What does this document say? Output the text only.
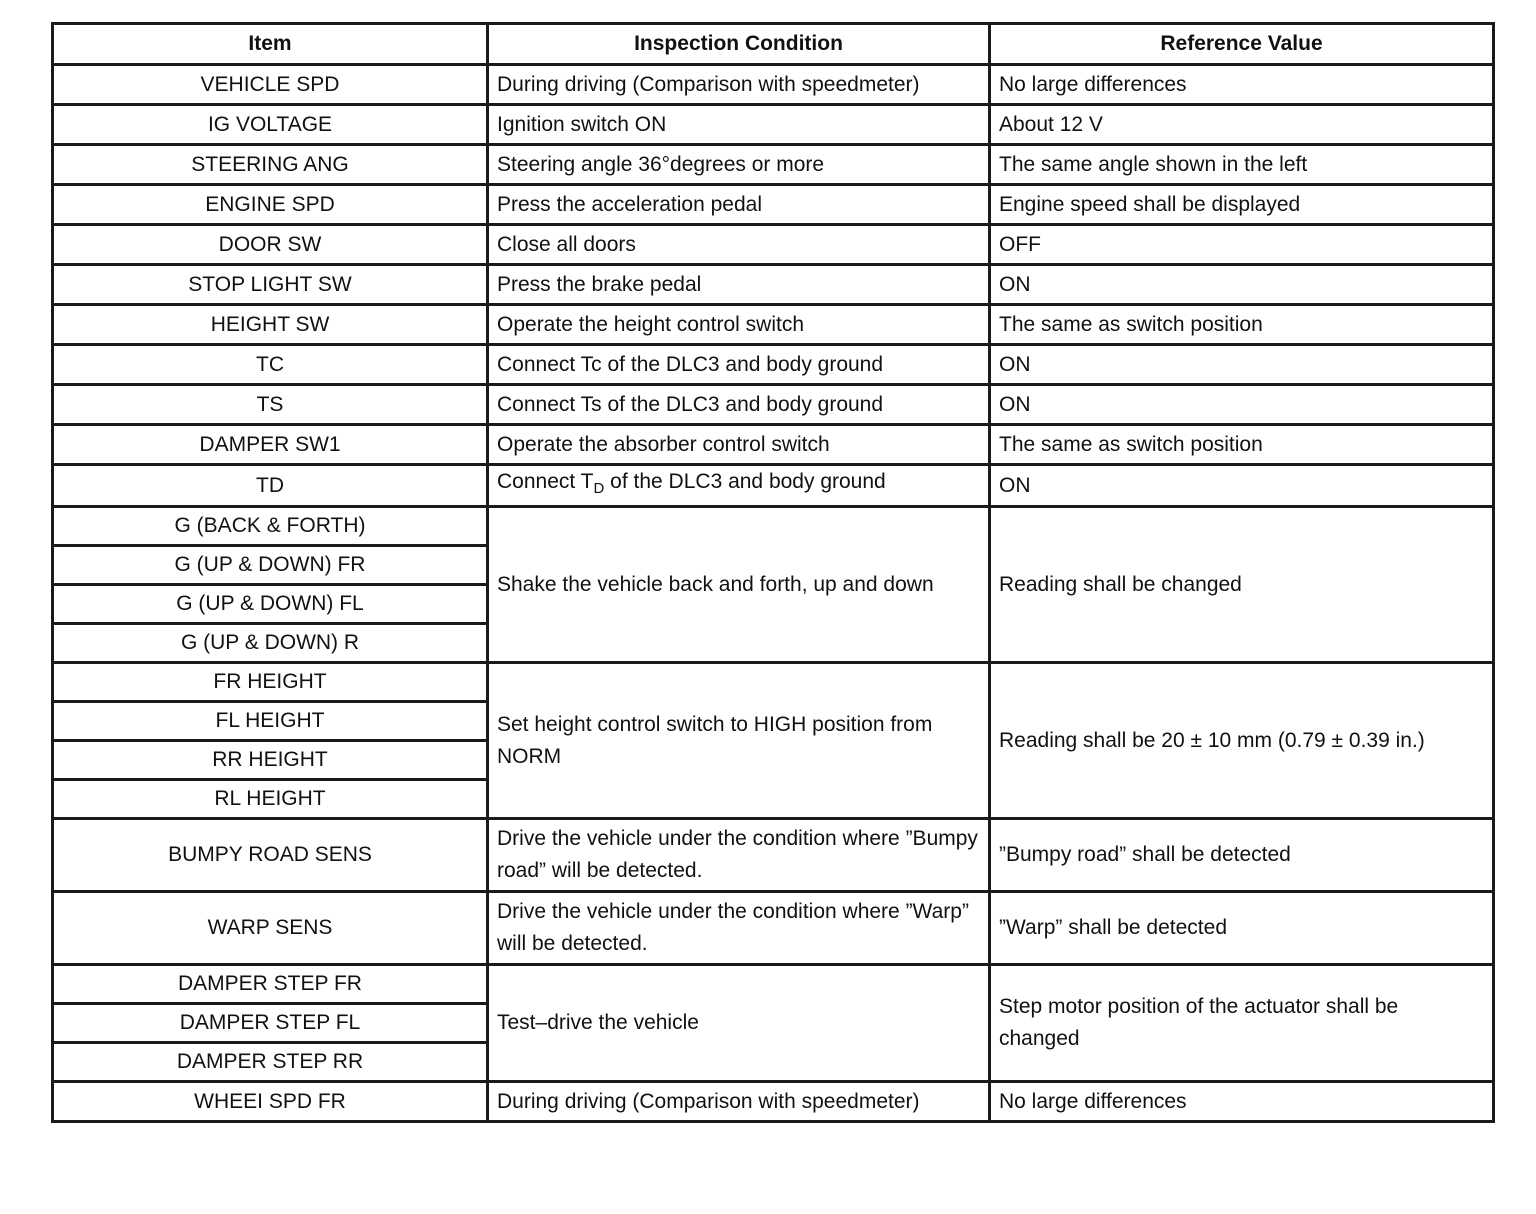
Item	Inspection Condition	Reference Value
VEHICLE SPD	During driving (Comparison with speedmeter)	No large differences
IG VOLTAGE	Ignition switch ON	About 12 V
STEERING ANG	Steering angle 36°degrees or more	The same angle shown in the left
ENGINE SPD	Press the acceleration pedal	Engine speed shall be displayed
DOOR SW	Close all doors	OFF
STOP LIGHT SW	Press the brake pedal	ON
HEIGHT SW	Operate the height control switch	The same as switch position
TC	Connect Tc of the DLC3 and body ground	ON
TS	Connect Ts of the DLC3 and body ground	ON
DAMPER SW1	Operate the absorber control switch	The same as switch position
TD	Connect $T_D$ of the DLC3 and body ground	ON
G (BACK & FORTH)	Shake the vehicle back and forth, up and down	Reading shall be changed
G (UP & DOWN) FR		
G (UP & DOWN) FL		
G (UP & DOWN) R		
FR HEIGHT	Set height control switch to HIGH position from NORM	Reading shall be 20 ± 10 mm (0.79 ± 0.39 in.)
FL HEIGHT		
RR HEIGHT		
RL HEIGHT		
BUMPY ROAD SENS	Drive the vehicle under the condition where ”Bumpy road” will be detected.	”Bumpy road” shall be detected
WARP SENS	Drive the vehicle under the condition where ”Warp” will be detected.	”Warp” shall be detected
DAMPER STEP FR	Test–drive the vehicle	Step motor position of the actuator shall be changed
DAMPER STEP FL		
DAMPER STEP RR		
WHEEI SPD FR	During driving (Comparison with speedmeter)	No large differences
